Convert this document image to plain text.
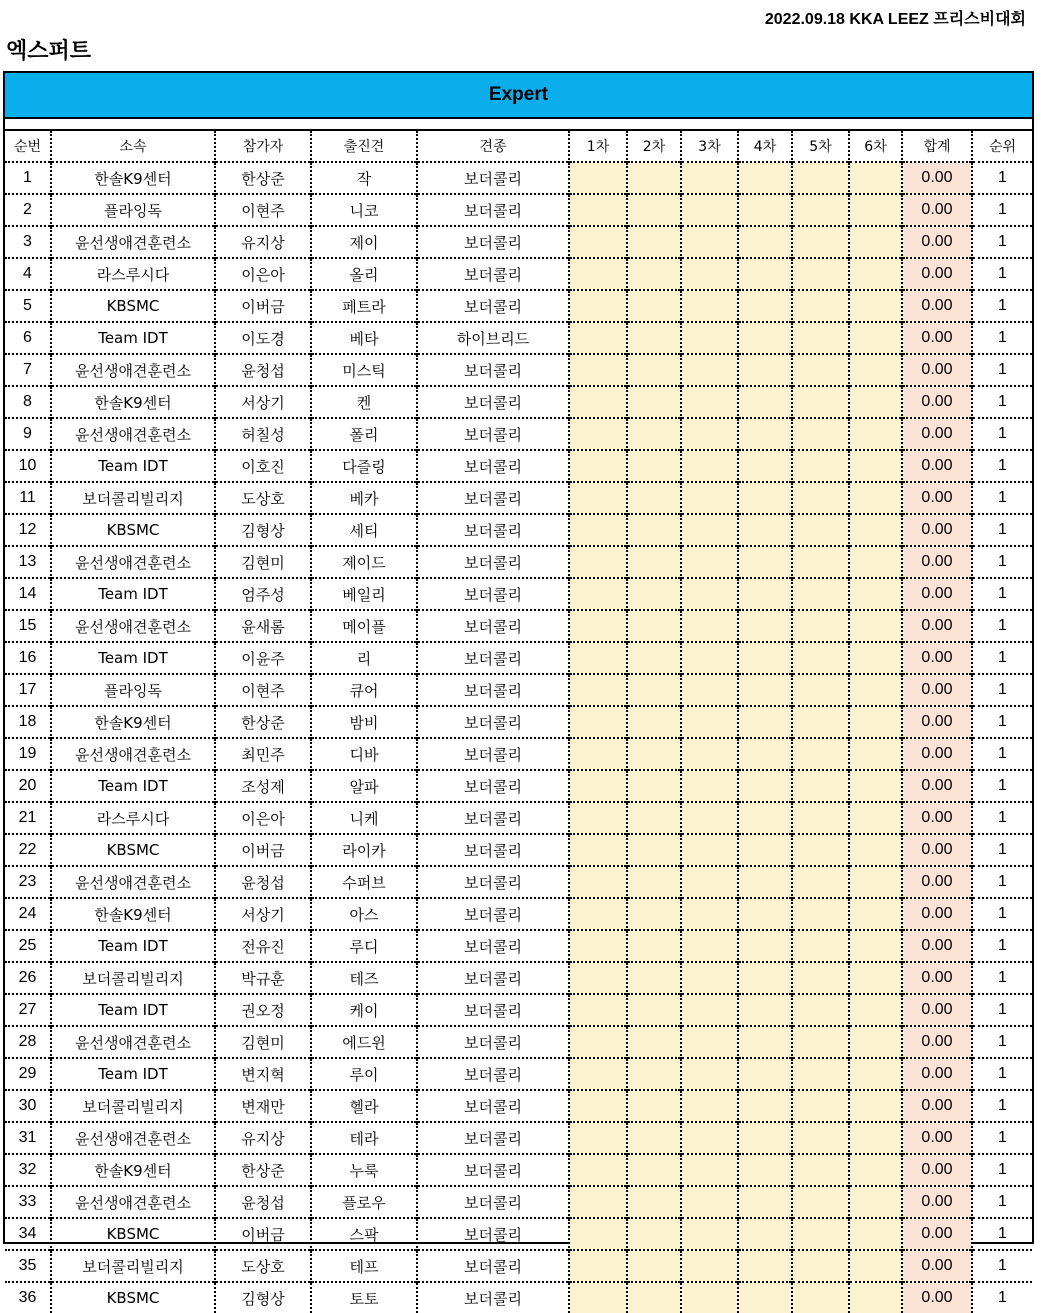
2022.09.18 KKA LEEZ 프리스비대회
엑스퍼트
Expert
순번	소속	참가자	출진견	견종	1차	2차	3차	4차	5차	6차	합계	순위
1	한솔K9센터	한상준	작	보더콜리							0.00	1
2	플라잉독	이현주	니코	보더콜리							0.00	1
3	윤선생애견훈련소	유지상	제이	보더콜리							0.00	1
4	라스루시다	이은아	올리	보더콜리							0.00	1
5	KBSMC	이버금	페트라	보더콜리							0.00	1
6	Team IDT	이도경	베타	하이브리드							0.00	1
7	윤선생애견훈련소	윤청섭	미스틱	보더콜리							0.00	1
8	한솔K9센터	서상기	켄	보더콜리							0.00	1
9	윤선생애견훈련소	허칠성	폴리	보더콜리							0.00	1
10	Team IDT	이호진	다즐링	보더콜리							0.00	1
11	보더콜리빌리지	도상호	베카	보더콜리							0.00	1
12	KBSMC	김형상	세티	보더콜리							0.00	1
13	윤선생애견훈련소	김현미	제이드	보더콜리							0.00	1
14	Team IDT	엄주성	베일리	보더콜리							0.00	1
15	윤선생애견훈련소	윤새롬	메이플	보더콜리							0.00	1
16	Team IDT	이윤주	리	보더콜리							0.00	1
17	플라잉독	이현주	큐어	보더콜리							0.00	1
18	한솔K9센터	한상준	밤비	보더콜리							0.00	1
19	윤선생애견훈련소	최민주	디바	보더콜리							0.00	1
20	Team IDT	조성제	알파	보더콜리							0.00	1
21	라스루시다	이은아	니케	보더콜리							0.00	1
22	KBSMC	이버금	라이카	보더콜리							0.00	1
23	윤선생애견훈련소	윤청섭	수퍼브	보더콜리							0.00	1
24	한솔K9센터	서상기	아스	보더콜리							0.00	1
25	Team IDT	전유진	루디	보더콜리							0.00	1
26	보더콜리빌리지	박규훈	테즈	보더콜리							0.00	1
27	Team IDT	권오정	케이	보더콜리							0.00	1
28	윤선생애견훈련소	김현미	에드윈	보더콜리							0.00	1
29	Team IDT	변지혁	루이	보더콜리							0.00	1
30	보더콜리빌리지	변재만	헬라	보더콜리							0.00	1
31	윤선생애견훈련소	유지상	테라	보더콜리							0.00	1
32	한솔K9센터	한상준	누룩	보더콜리							0.00	1
33	윤선생애견훈련소	윤청섭	플로우	보더콜리							0.00	1
34	KBSMC	이버금	스팍	보더콜리							0.00	1
35	보더콜리빌리지	도상호	테프	보더콜리							0.00	1
36	KBSMC	김형상	토토	보더콜리							0.00	1
